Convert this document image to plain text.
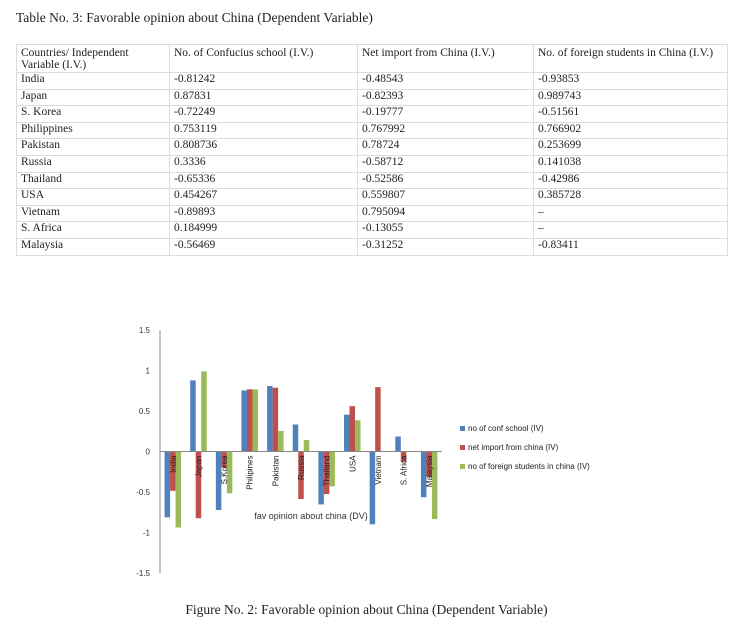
Table No. 3: Favorable opinion about China (Dependent Variable)
Countries/ Independent Variable (I.V.)	No. of Confucius school (I.V.)	Net import from China (I.V.)	No. of foreign students in China (I.V.)
India	-0.81242	-0.48543	-0.93853
Japan	0.87831	-0.82393	0.989743
S. Korea	-0.72249	-0.19777	-0.51561
Philippines	0.753119	0.767992	0.766902
Pakistan	0.808736	0.78724	0.253699
Russia	0.3336	-0.58712	0.141038
Thailand	-0.65336	-0.52586	-0.42986
USA	0.454267	0.559807	0.385728
Vietnam	-0.89893	0.795094	–
S. Africa	0.184999	-0.13055	–
Malaysia	-0.56469	-0.31252	-0.83411
1.5
1
0.5
0
-0.5
-1
-1.5
India Japan S.Korea Philipines Pakistan Russia Thailand USA Vietnam S. Africa Malaysia
fav opinion about china (DV)
no of conf school (IV)
net import from china (IV)
no of foreign students in china (IV)
Figure No. 2: Favorable opinion about China (Dependent Variable)
